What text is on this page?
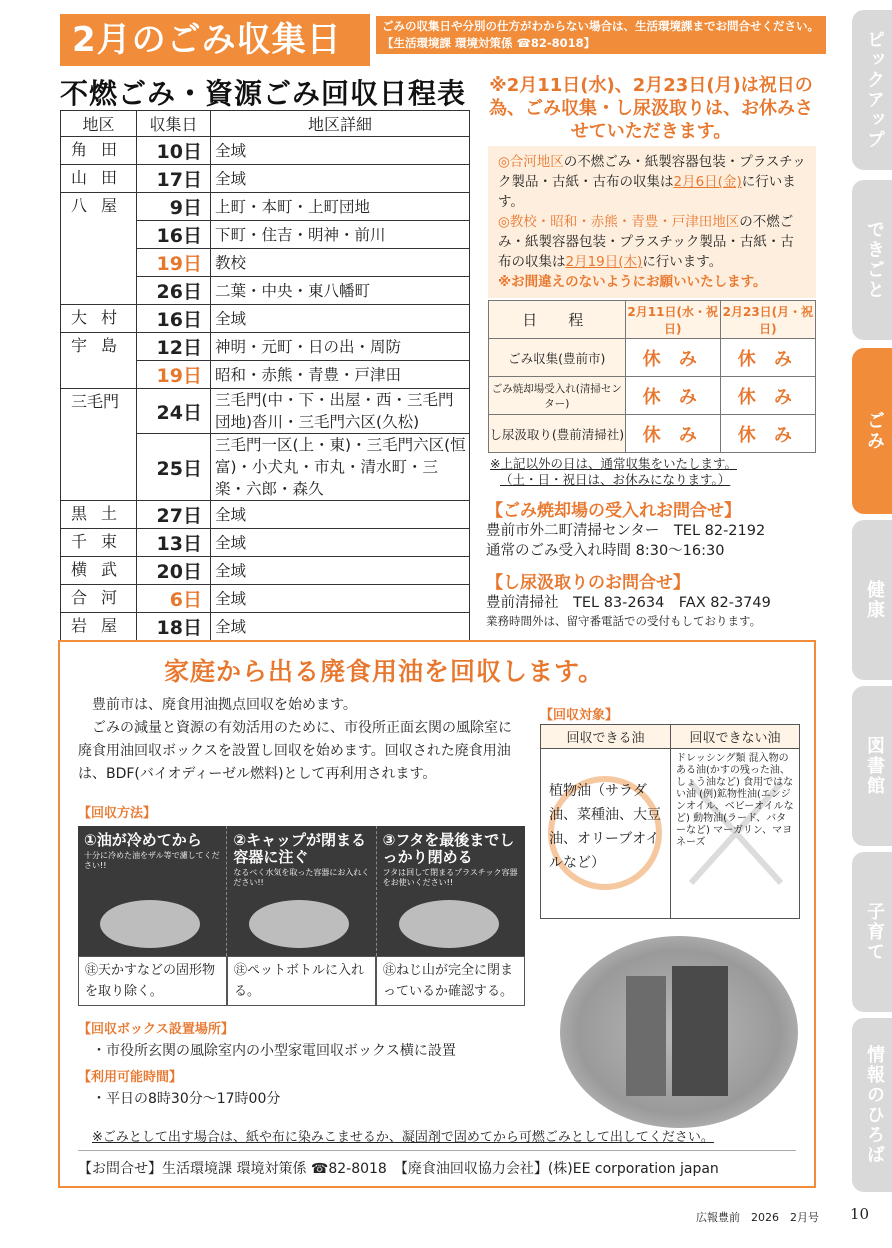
2月のごみ収集日	ごみの収集日や分別の仕方がわからない場合は、生活環境課までお問合せください。
【生活環境課 環境対策係 ☎82-8018】	ピックアップ
できごと
ごみ
健康
図書館
子育て
情報のひろば
不燃ごみ・資源ごみ回収日程表
地区	収集日	地区詳細
角田	10日	全域
山田	17日	全域
八屋	9日	上町・本町・上町団地
	16日	下町・住吉・明神・前川
	19日	教校
	26日	二葉・中央・東八幡町
大村	16日	全域
宇島	12日	神明・元町・日の出・周防
	19日	昭和・赤熊・青豊・戸津田
三毛門	24日	三毛門(中・下・出屋・西・三毛門団地)沓川・三毛門六区(久松)
	25日	三毛門一区(上・東)・三毛門六区(恒富)・小犬丸・市丸・清水町・三楽・六郎・森久
黒土	27日	全域
千束	13日	全域
横武	20日	全域
合河	6日	全域
岩屋	18日	全域
※2月11日(水)、2月23日(月)は祝日の為、ごみ収集・し尿汲取りは、お休みさせていただきます。
◎合河地区の不燃ごみ・紙製容器包装・プラスチック製品・古紙・古布の収集は2月6日(金)に行います。
◎教校・昭和・赤熊・青豊・戸津田地区の不燃ごみ・紙製容器包装・プラスチック製品・古紙・古布の収集は2月19日(木)に行います。
※お間違えのないようにお願いいたします。
日　程	2月11日(水・祝日)	2月23日(月・祝日)
ごみ収集(豊前市)	休 み	休 み
ごみ焼却場受入れ(清掃センター)	休 み	休 み
し尿汲取り(豊前清掃社)	休 み	休 み
※上記以外の日は、通常収集をいたします。
（土・日・祝日は、お休みになります。）
【ごみ焼却場の受入れお問合せ】
豊前市外二町清掃センター　TEL 82-2192
通常のごみ受入れ時間 8:30〜16:30
【し尿汲取りのお問合せ】
豊前清掃社　TEL 83-2634　FAX 82-3749
業務時間外は、留守番電話での受付もしております。
家庭から出る廃食用油を回収します。
豊前市は、廃食用油拠点回収を始めます。
ごみの減量と資源の有効活用のために、市役所正面玄関の風除室に廃食用油回収ボックスを設置し回収を始めます。回収された廃食用油は、BDF(バイオディーゼル燃料)として再利用されます。
【回収対象】
回収できる油	回収できない油

植物油（サラダ油、菜種油、大豆油、オリーブオイルなど）	ドレッシング類 混入物のある油(かすの残った油、しょう油など) 食用ではない油 (例)鉱物性油(エンジンオイル、ベビーオイルなど) 動物油(ラード、バターなど) マーガリン、マヨネーズ
【回収方法】
①油が冷めてから
十分に冷めた油をザル等で濾してください!!
②キャップが閉まる容器に注ぐ
なるべく水気を取った容器にお入れください!!
③フタを最後までしっかり閉める
フタは回して閉まるプラスチック容器をお使いください!!
㊟天かすなどの固形物を取り除く。
㊟ペットボトルに入れる。
㊟ねじ山が完全に閉まっているか確認する。
【回収ボックス設置場所】
・市役所玄関の風除室内の小型家電回収ボックス横に設置
【利用可能時間】
・平日の8時30分〜17時00分
※ごみとして出す場合は、紙や布に染みこませるか、凝固剤で固めてから可燃ごみとして出してください。
【お問合せ】生活環境課 環境対策係 ☎82-8018　【廃食油回収協力会社】(株)EE corporation japan
広報豊前　2026　2月号 10
